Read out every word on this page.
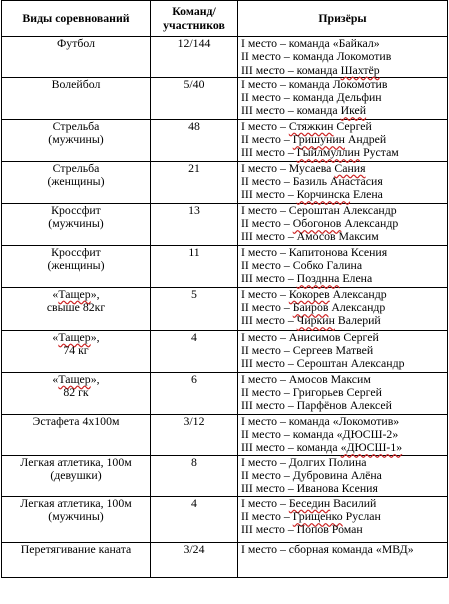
Виды соревнований	Команд/ участников	Призёры

Футбол	12/144	I место – команда «Байкал»
II место – команда Локомотив
III место – команда Шахтёр

Волейбол	5/40	I место – команда Локомотив
II место – команда Дельфин
III место – команда Икей

Стрельба
(мужчины)	48	I место – Стяжкин Сергей
II место – Гришунин Андрей
III место – Гыйлмуллин Рустам

Стрельба
(женщины)	21	I место – Мусаева Сания
II место – Базиль Анастасия
III место – Корчинска Елена

Кроссфит
(мужчины)	13	I место – Сероштан Александр
II место – Обогонов Александр
III место – Амосов Максим

Кроссфит
(женщины)	11	I место – Капитонова Ксения
II место – Собко Галина
III место – Позднна Елена

«Тащер»,
свыше 82кг	5	I место – Кокорев Александр
II место – Баиров Александр
III место – Чиркин Валерий

«Тащер»,
74 кг	4	I место – Анисимов Сергей
II место – Сергеев Матвей
III место – Сероштан Александр

«Тащер»,
82 гк	6	I место – Амосов Максим
II место – Григорьев Сергей
III место – Парфёнов Алексей

Эстафета 4х100м	3/12	I место – команда «Локомотив»
II место – команда «ДЮСШ-2»
III место – команда «ДЮСШ-1»

Легкая атлетика, 100м
(девушки)	8	I место – Долгих Полина
II место – Дубровина Алёна
III место – Иванова Ксения

Легкая атлетика, 100м
(мужчины)	4	I место – Беседин Василий
II место – Грищенко Руслан
III место – Попов Роман

Перетягивание каната	3/24	I место – сборная команда «МВД»
